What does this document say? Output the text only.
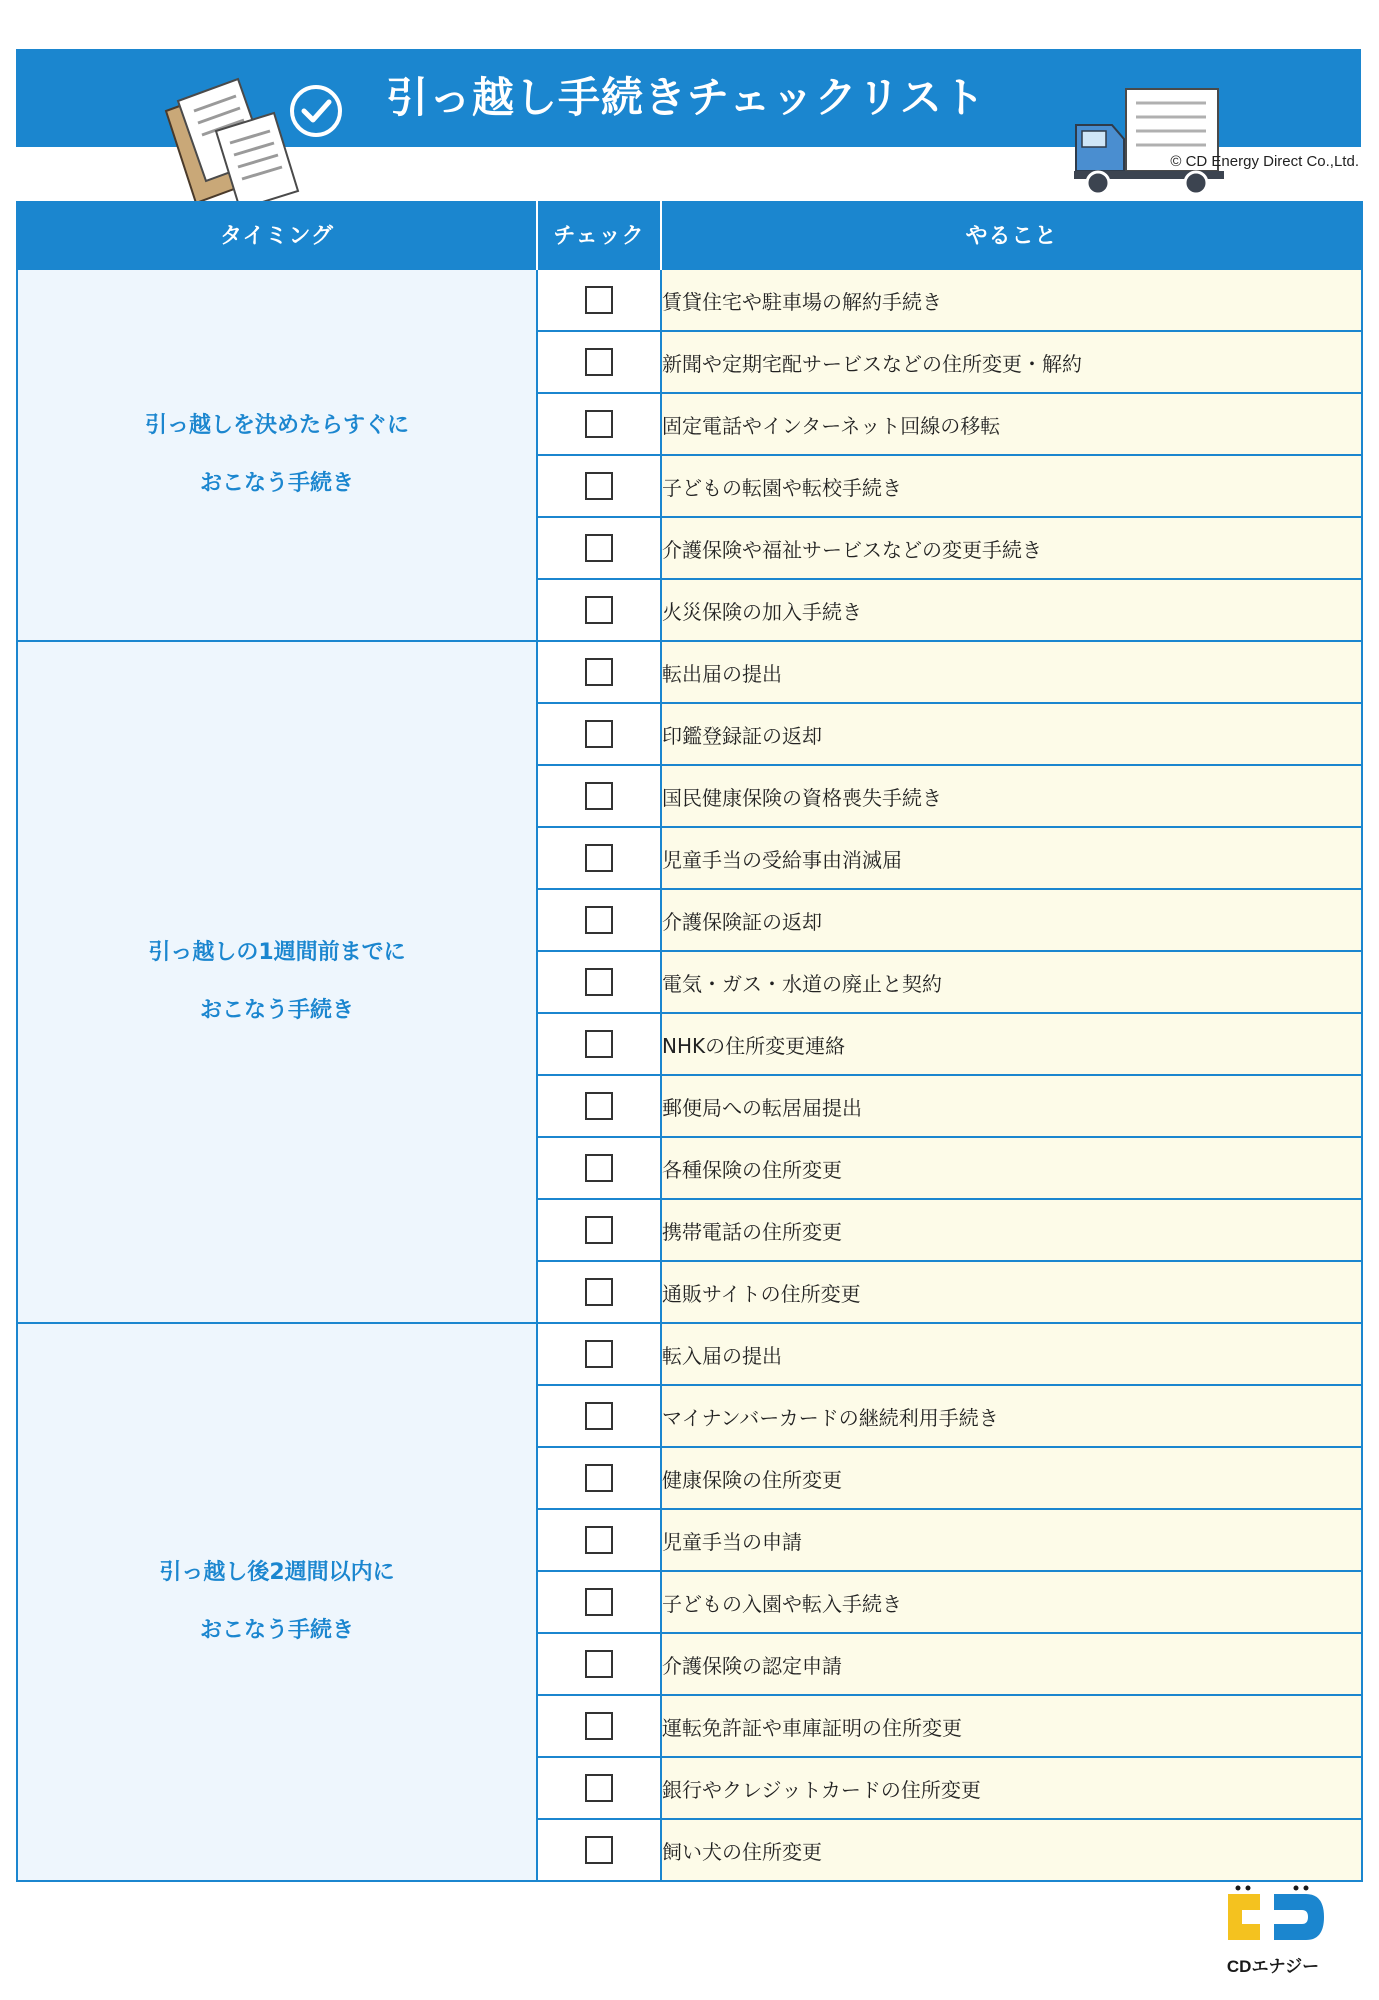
引っ越し手続きチェックリスト
© CD Energy Direct Co.,Ltd.
タイミング	チェック	やること

引っ越しを決めたらすぐに
おこなう手続き		賃貸住宅や駐車場の解約手続き
		新聞や定期宅配サービスなどの住所変更・解約
		固定電話やインターネット回線の移転
		子どもの転園や転校手続き
		介護保険や福祉サービスなどの変更手続き
		火災保険の加入手続き

引っ越しの1週間前までに
おこなう手続き		転出届の提出
		印鑑登録証の返却
		国民健康保険の資格喪失手続き
		児童手当の受給事由消滅届
		介護保険証の返却
		電気・ガス・水道の廃止と契約
		NHKの住所変更連絡
		郵便局への転居届提出
		各種保険の住所変更
		携帯電話の住所変更
		通販サイトの住所変更

引っ越し後2週間以内に
おこなう手続き		転入届の提出
		マイナンバーカードの継続利用手続き
		健康保険の住所変更
		児童手当の申請
		子どもの入園や転入手続き
		介護保険の認定申請
		運転免許証や車庫証明の住所変更
		銀行やクレジットカードの住所変更
		飼い犬の住所変更
CDエナジー
